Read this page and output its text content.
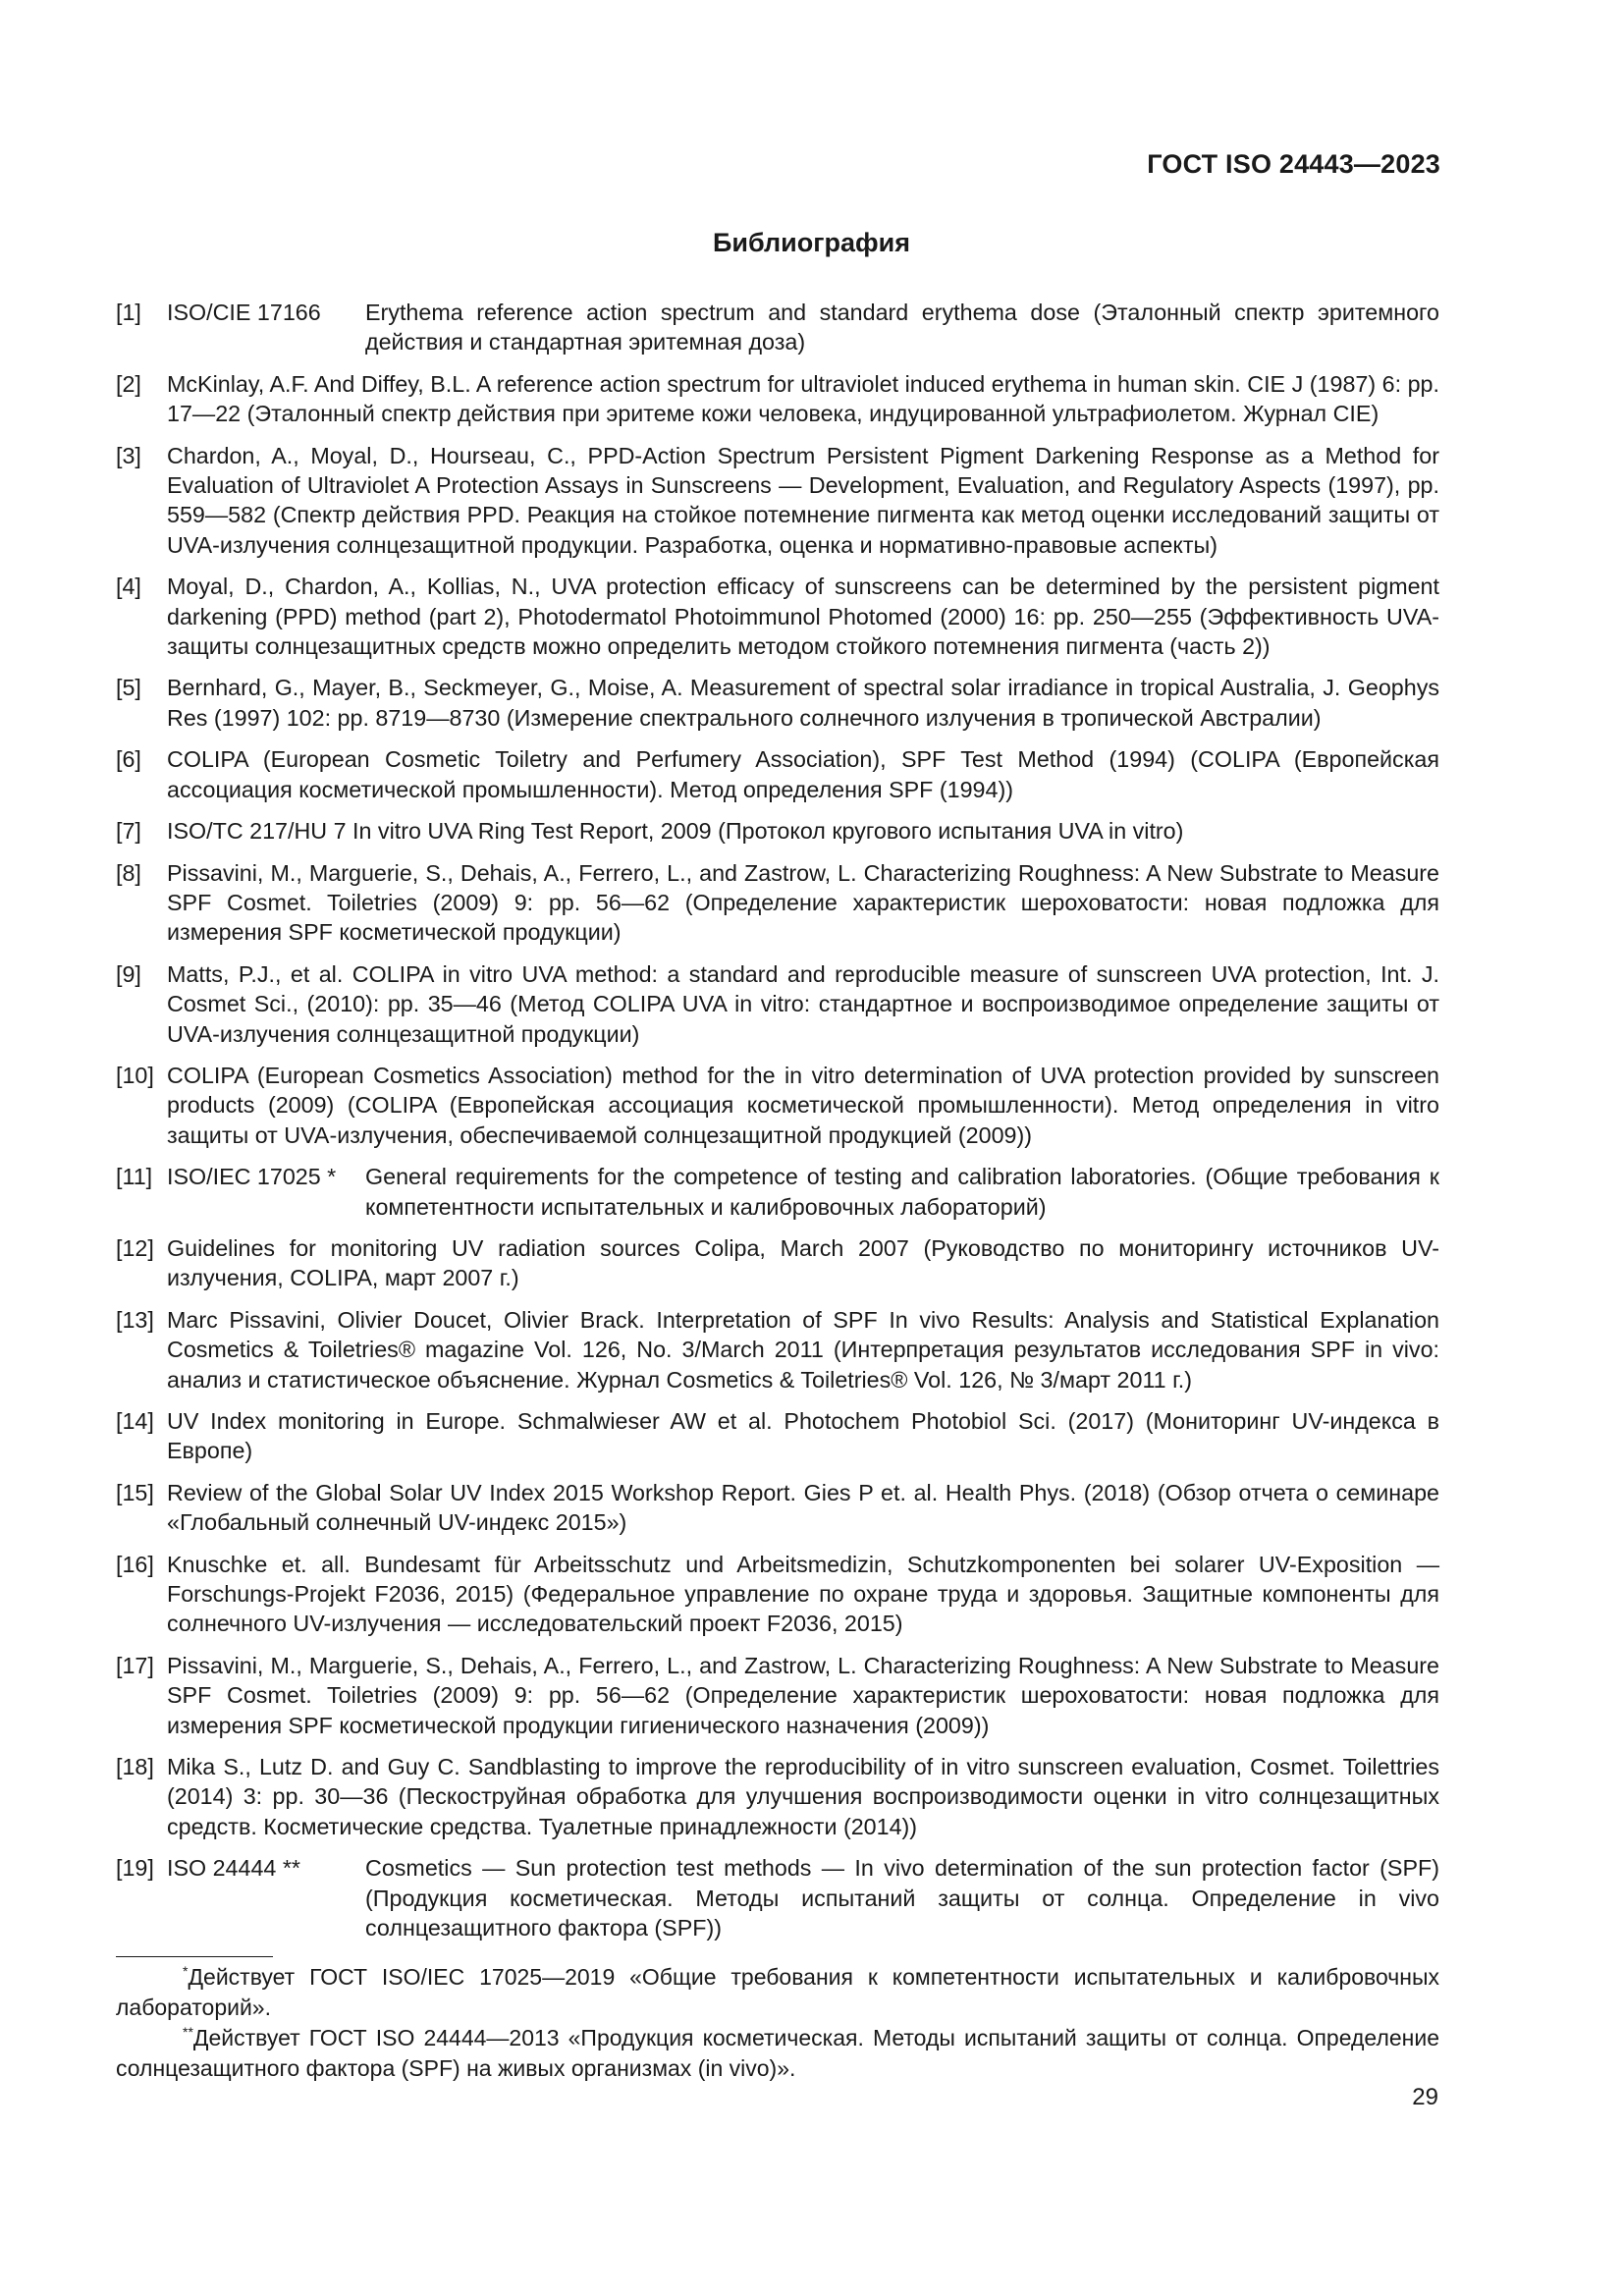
ГОСТ ISO 24443—2023
Библиография
[1]	ISO/CIE 17166	Erythema reference action spectrum and standard erythema dose (Эталонный спектр эритемного действия и стандартная эритемная доза)
[2]	McKinlay, A.F. And Diffey, B.L. A reference action spectrum for ultraviolet induced erythema in human skin. CIE J (1987) 6: pp. 17—22 (Эталонный спектр действия при эритеме кожи человека, индуцированной ультрафиолетом. Журнал CIE)
[3]	Chardon, A., Moyal, D., Hourseau, C., PPD-Action Spectrum Persistent Pigment Darkening Response as a Method for Evaluation of Ultraviolet A Protection Assays in Sunscreens — Development, Evaluation, and Regulatory Aspects (1997), pp. 559—582 (Спектр действия PPD. Реакция на стойкое потемнение пигмента как метод оценки исследований защиты от UVA-излучения солнцезащитной продукции. Разработка, оценка и нормативно-правовые аспекты)
[4]	Moyal, D., Chardon, A., Kollias, N., UVA protection efficacy of sunscreens can be determined by the persistent pigment darkening (PPD) method (part 2), Photodermatol Photoimmunol Photomed (2000) 16: pp. 250—255 (Эффективность UVA-защиты солнцезащитных средств можно определить методом стойкого потемнения пигмента (часть 2))
[5]	Bernhard, G., Mayer, B., Seckmeyer, G., Moise, A. Measurement of spectral solar irradiance in tropical Australia, J. Geophys Res (1997) 102: pp. 8719—8730 (Измерение спектрального солнечного излучения в тропической Австралии)
[6]	COLIPA (European Cosmetic Toiletry and Perfumery Association), SPF Test Method (1994) (COLIPA (Европейская ассоциация косметической промышленности). Метод определения SPF (1994))
[7]	ISO/TC 217/HU 7 In vitro UVA Ring Test Report, 2009 (Протокол кругового испытания UVA in vitro)
[8]	Pissavini, M., Marguerie, S., Dehais, A., Ferrero, L., and Zastrow, L. Characterizing Roughness: A New Substrate to Measure SPF Cosmet. Toiletries (2009) 9: pp. 56—62 (Определение характеристик шероховатости: новая подложка для измерения SPF косметической продукции)
[9]	Matts, P.J., et al. COLIPA in vitro UVA method: a standard and reproducible measure of sunscreen UVA protection, Int. J. Cosmet Sci., (2010): pp. 35—46 (Метод COLIPA UVA in vitro: стандартное и воспроизводимое определение защиты от UVA-излучения солнцезащитной продукции)
[10] COLIPA (European Cosmetics Association) method for the in vitro determination of UVA protection provided by sunscreen products (2009) (COLIPA (Европейская ассоциация косметической промышленности). Метод определения in vitro защиты от UVA-излучения, обеспечиваемой солнцезащитной продукцией (2009))
[11] ISO/IEC 17025 *	General requirements for the competence of testing and calibration laboratories. (Общие требования к компетентности испытательных и калибровочных лабораторий)
[12] Guidelines for monitoring UV radiation sources Colipa, March 2007 (Руководство по мониторингу источников UV-излучения, COLIPA, март 2007 г.)
[13] Marc Pissavini, Olivier Doucet, Olivier Brack. Interpretation of SPF In vivo Results: Analysis and Statistical Explanation Cosmetics & Toiletries® magazine Vol. 126, No. 3/March 2011 (Интерпретация результатов исследования SPF in vivo: анализ и статистическое объяснение. Журнал Cosmetics & Toiletries® Vol. 126, № 3/март 2011 г.)
[14] UV Index monitoring in Europe. Schmalwieser AW et al. Photochem Photobiol Sci. (2017) (Мониторинг UV-индекса в Европе)
[15] Review of the Global Solar UV Index 2015 Workshop Report. Gies P et. al. Health Phys. (2018) (Обзор отчета о семинаре «Глобальный солнечный UV-индекс 2015»)
[16] Knuschke et. all. Bundesamt für Arbeitsschutz und Arbeitsmedizin, Schutzkomponenten bei solarer UV-Exposition — Forschungs-Projekt F2036, 2015) (Федеральное управление по охране труда и здоровья. Защитные компоненты для солнечного UV-излучения — исследовательский проект F2036, 2015)
[17] Pissavini, M., Marguerie, S., Dehais, A., Ferrero, L., and Zastrow, L. Characterizing Roughness: A New Substrate to Measure SPF Cosmet. Toiletries (2009) 9: pp. 56—62 (Определение характеристик шероховатости: новая подложка для измерения SPF косметической продукции гигиенического назначения (2009))
[18] Mika S., Lutz D. and Guy C. Sandblasting to improve the reproducibility of in vitro sunscreen evaluation, Cosmet. Toilettries (2014) 3: pp. 30—36 (Пескоструйная обработка для улучшения воспроизводимости оценки in vitro солнцезащитных средств. Косметические средства. Туалетные принадлежности (2014))
[19] ISO 24444 **	Cosmetics — Sun protection test methods — In vivo determination of the sun protection factor (SPF) (Продукция косметическая. Методы испытаний защиты от солнца. Определение in vivo солнцезащитного фактора (SPF))

*Действует ГОСТ ISO/IEC 17025—2019 «Общие требования к компетентности испытательных и калибровочных лабораторий».

**Действует ГОСТ ISO 24444—2013 «Продукция косметическая. Методы испытаний защиты от солнца. Определение солнцезащитного фактора (SPF) на живых организмах (in vivo)».

29
